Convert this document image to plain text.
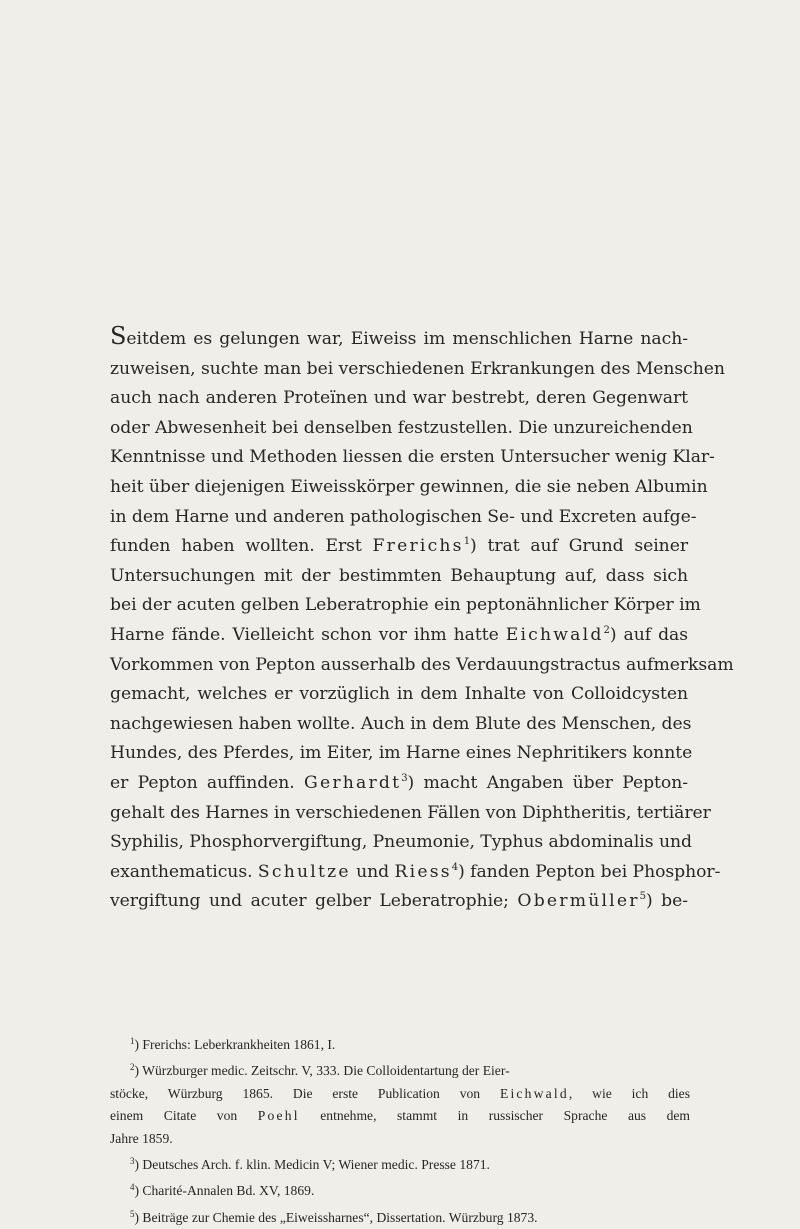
Seitdem es gelungen war, Eiweiss im menschlichen Harne nach-
zuweisen, suchte man bei verschiedenen Erkrankungen des Menschen
auch nach anderen Proteïnen und war bestrebt, deren Gegenwart
oder Abwesenheit bei denselben festzustellen. Die unzureichenden
Kenntnisse und Methoden liessen die ersten Untersucher wenig Klar-
heit über diejenigen Eiweisskörper gewinnen, die sie neben Albumin
in dem Harne und anderen pathologischen Se- und Excreten aufge-
funden haben wollten. Erst Frerichs$^1$) trat auf Grund seiner
Untersuchungen mit der bestimmten Behauptung auf, dass sich
bei der acuten gelben Leberatrophie ein peptonähnlicher Körper im
Harne fände. Vielleicht schon vor ihm hatte Eichwald$^2$) auf das
Vorkommen von Pepton ausserhalb des Verdauungstractus aufmerksam
gemacht, welches er vorzüglich in dem Inhalte von Colloidcysten
nachgewiesen haben wollte. Auch in dem Blute des Menschen, des
Hundes, des Pferdes, im Eiter, im Harne eines Nephritikers konnte
er Pepton auffinden. Gerhardt$^3$) macht Angaben über Pepton-
gehalt des Harnes in verschiedenen Fällen von Diphtheritis, tertiärer
Syphilis, Phosphorvergiftung, Pneumonie, Typhus abdominalis und
exanthematicus. Schultze und Riess$^4$) fanden Pepton bei Phosphor-
vergiftung und acuter gelber Leberatrophie; Obermüller$^5$) be-
$^1$) Frerichs: Leberkrankheiten 1861, I.
$^2$) Würzburger medic. Zeitschr. V, 333. Die Colloidentartung der Eier-
stöcke, Würzburg 1865. Die erste Publication von Eichwald, wie ich dies
einem Citate von Poehl entnehme, stammt in russischer Sprache aus dem
Jahre 1859.
$^3$) Deutsches Arch. f. klin. Medicin V; Wiener medic. Presse 1871.
$^4$) Charité-Annalen Bd. XV, 1869.
$^5$) Beiträge zur Chemie des „Eiweissharnes“, Dissertation. Würzburg 1873.
